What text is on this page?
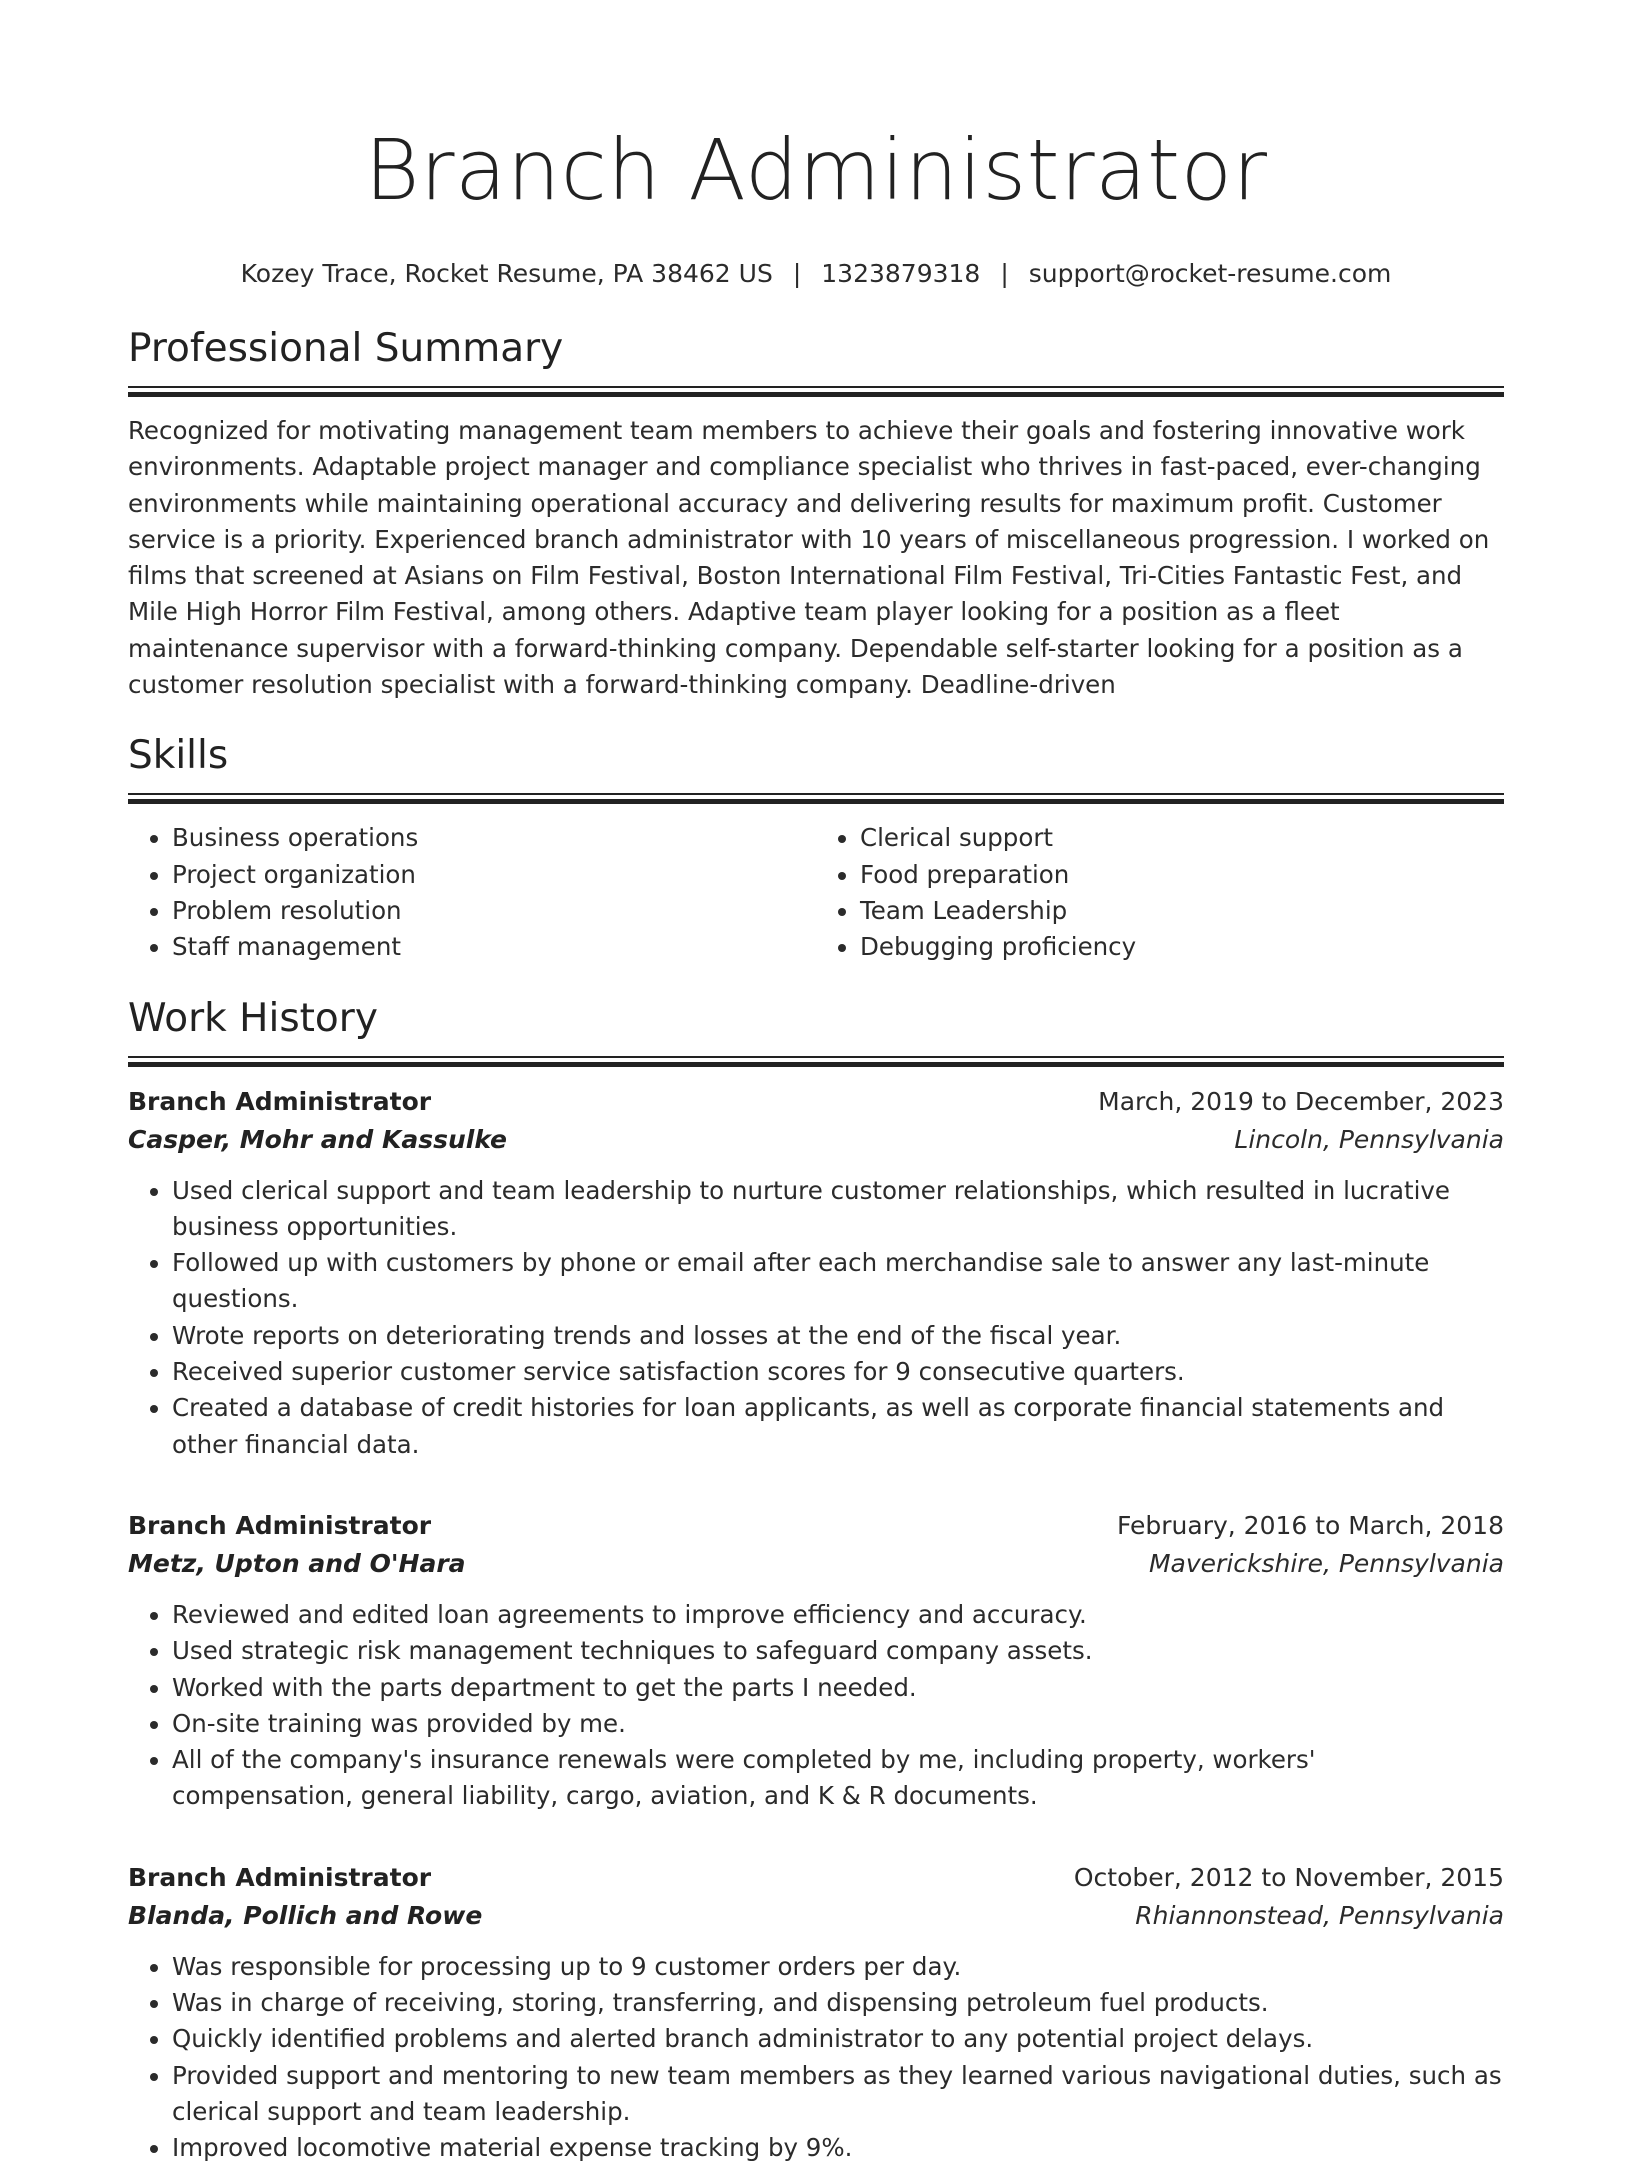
Branch Administrator
Kozey Trace, Rocket Resume, PA 38462 US | 1323879318 | support@rocket-resume.com
Professional Summary
Recognized for motivating management team members to achieve their goals and fostering innovative work environments. Adaptable project manager and compliance specialist who thrives in fast-paced, ever-changing environments while maintaining operational accuracy and delivering results for maximum profit. Customer service is a priority. Experienced branch administrator with 10 years of miscellaneous progression. I worked on films that screened at Asians on Film Festival, Boston International Film Festival, Tri-Cities Fantastic Fest, and Mile High Horror Film Festival, among others. Adaptive team player looking for a position as a fleet maintenance supervisor with a forward-thinking company. Dependable self-starter looking for a position as a customer resolution specialist with a forward-thinking company. Deadline-driven
Skills
• Business operations
• Project organization
• Problem resolution
• Staff management
• Clerical support
• Food preparation
• Team Leadership
• Debugging proficiency
Work History
Branch Administrator	March, 2019 to December, 2023
Casper, Mohr and Kassulke	Lincoln, Pennsylvania
• Used clerical support and team leadership to nurture customer relationships, which resulted in lucrative business opportunities.
• Followed up with customers by phone or email after each merchandise sale to answer any last-minute questions.
• Wrote reports on deteriorating trends and losses at the end of the fiscal year.
• Received superior customer service satisfaction scores for 9 consecutive quarters.
• Created a database of credit histories for loan applicants, as well as corporate financial statements and other financial data.
Branch Administrator	February, 2016 to March, 2018
Metz, Upton and O'Hara	Maverickshire, Pennsylvania
• Reviewed and edited loan agreements to improve efficiency and accuracy.
• Used strategic risk management techniques to safeguard company assets.
• Worked with the parts department to get the parts I needed.
• On-site training was provided by me.
• All of the company's insurance renewals were completed by me, including property, workers' compensation, general liability, cargo, aviation, and K & R documents.
Branch Administrator	October, 2012 to November, 2015
Blanda, Pollich and Rowe	Rhiannonstead, Pennsylvania
• Was responsible for processing up to 9 customer orders per day.
• Was in charge of receiving, storing, transferring, and dispensing petroleum fuel products.
• Quickly identified problems and alerted branch administrator to any potential project delays.
• Provided support and mentoring to new team members as they learned various navigational duties, such as clerical support and team leadership.
• Improved locomotive material expense tracking by 9%.
